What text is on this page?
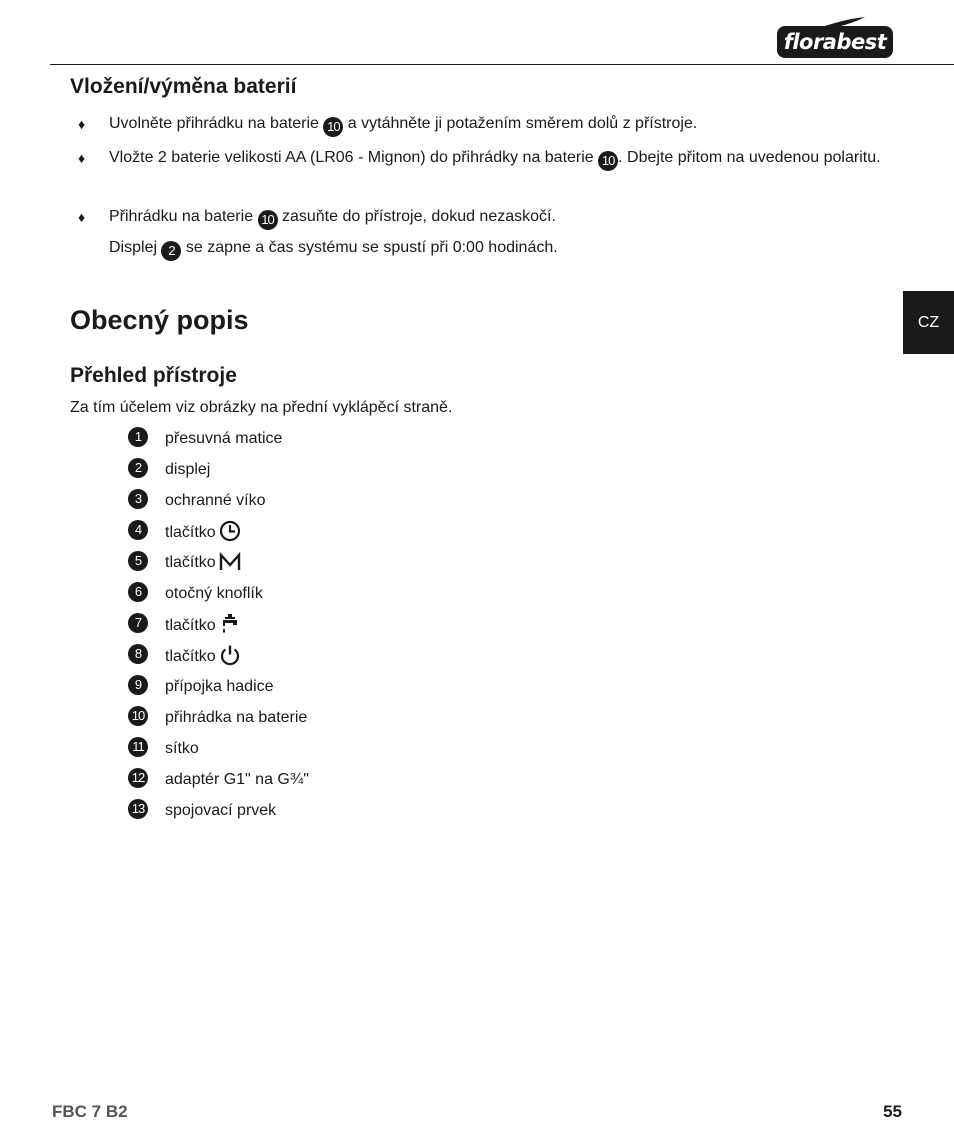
florabest
CZ
Vložení/výměna baterií
♦ Uvolněte přihrádku na baterie 10 a vytáhněte ji potažením směrem dolů z přístroje.
♦ Vložte 2 baterie velikosti AA (LR06 - Mignon) do přihrádky na baterie 10 . Dbejte přitom na uvedenou polaritu.
♦ Přihrádku na baterie 10 zasuňte do přístroje, dokud nezaskočí.
Displej 2 se zapne a čas systému se spustí při 0:00 hodinách.
Obecný popis
Přehled přístroje
Za tím účelem viz obrázky na přední vyklápěcí straně.
1	přesuvná matice
2	displej
3	ochranné víko
4	tlačítko
5	tlačítko
6	otočný knoflík
7	tlačítko
8	tlačítko
9	přípojka hadice
10 přihrádka na baterie
11 sítko
12 adaptér G1" na G¾"
13 spojovací prvek
FBC 7 B2	55
